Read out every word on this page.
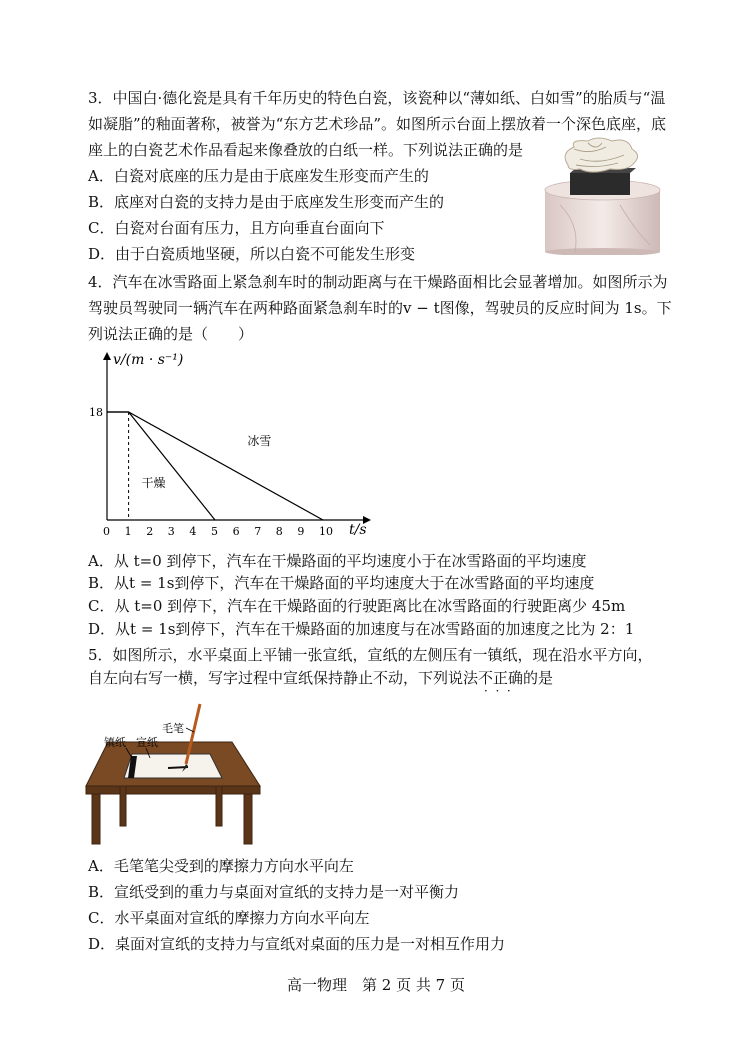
3．中国白·德化瓷是具有千年历史的特色白瓷，该瓷种以“薄如纸、白如雪”的胎质与“温
如凝脂”的釉面著称，被誉为“东方艺术珍品”。如图所示台面上摆放着一个深色底座，底
座上的白瓷艺术作品看起来像叠放的白纸一样。下列说法正确的是
A．白瓷对底座的压力是由于底座发生形变而产生的
B．底座对白瓷的支持力是由于底座发生形变而产生的
C．白瓷对台面有压力，且方向垂直台面向下
D．由于白瓷质地坚硬，所以白瓷不可能发生形变
4．汽车在冰雪路面上紧急刹车时的制动距离与在干燥路面相比会显著增加。如图所示为
驾驶员驾驶同一辆汽车在两种路面紧急刹车时的v − t图像，驾驶员的反应时间为 1s。下
列说法正确的是（　　）
v/(m · s⁻¹)
t/s
0 1 2 3 4 5 6 7 8 9 10
18
冰雪
干燥
A．从 t=0 到停下，汽车在干燥路面的平均速度小于在冰雪路面的平均速度
B．从t = 1s到停下，汽车在干燥路面的平均速度大于在冰雪路面的平均速度
C．从 t=0 到停下，汽车在干燥路面的行驶距离比在冰雪路面的行驶距离少 45m
D．从t = 1s到停下，汽车在干燥路面的加速度与在冰雪路面的加速度之比为 2：1
5．如图所示，水平桌面上平铺一张宣纸，宣纸的左侧压有一镇纸，现在沿水平方向，
自左向右写一横，写字过程中宣纸保持静止不动，下列说法不正确的是
·  ·  ·
毛笔
镇纸 宣纸
A．毛笔笔尖受到的摩擦力方向水平向左
B．宣纸受到的重力与桌面对宣纸的支持力是一对平衡力
C．水平桌面对宣纸的摩擦力方向水平向左
D．桌面对宣纸的支持力与宣纸对桌面的压力是一对相互作用力
高一物理　第 2 页 共 7 页
